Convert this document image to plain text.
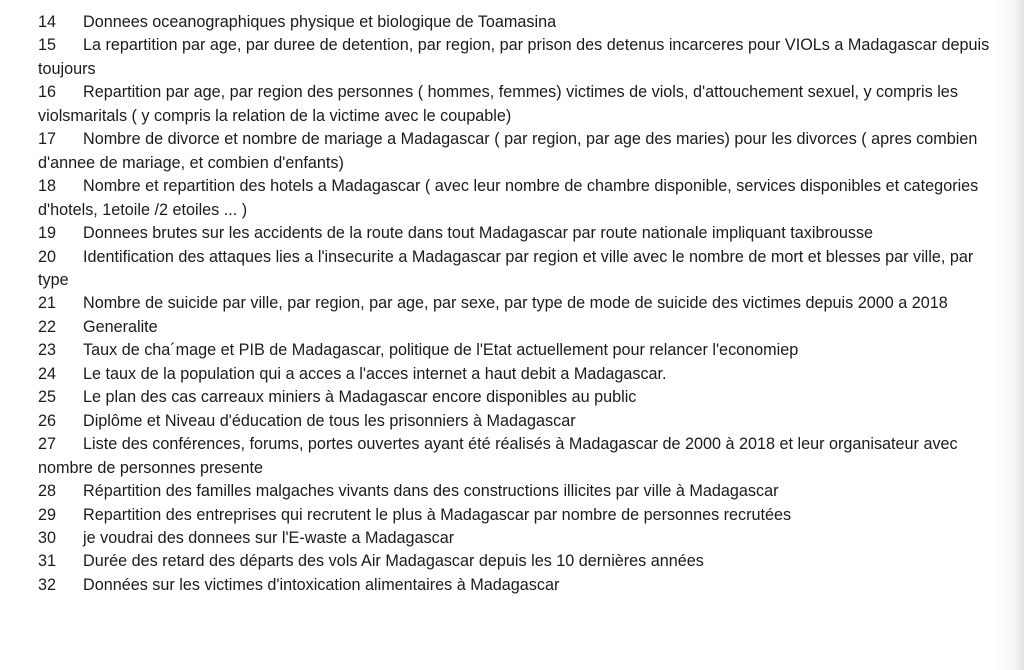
14 Donnees oceanographiques physique et biologique de Toamasina

15 La repartition par age, par duree de detention, par region, par prison des detenus incarceres pour VIOLs a Madagascar depuis toujours

16 Repartition par age, par region des personnes ( hommes, femmes) victimes de viols, d'attouchement sexuel, y compris les violsmaritals ( y compris la relation de la victime avec le coupable)

17 Nombre de divorce et nombre de mariage a Madagascar ( par region, par age des maries) pour les divorces ( apres combien d'annee de mariage, et combien d'enfants)

18 Nombre et repartition des hotels a Madagascar ( avec leur nombre de chambre disponible, services disponibles et categories d'hotels, 1etoile /2 etoiles ... )

19 Donnees brutes sur les accidents de la route dans tout Madagascar par route nationale impliquant taxibrousse

20 Identification des attaques lies a l'insecurite a Madagascar par region et ville avec le nombre de mort et blesses par ville, par type

21 Nombre de suicide par ville, par region, par age, par sexe, par type de mode de suicide des victimes depuis 2000 a 2018

22 Generalite

23 Taux de cha´mage et PIB de Madagascar, politique de l'Etat actuellement pour relancer l'economiep

24 Le taux de la population qui a acces a l'acces internet a haut debit a Madagascar.

25 Le plan des cas carreaux miniers à Madagascar encore disponibles au public

26 Diplôme et Niveau d'éducation de tous les prisonniers à Madagascar

27 Liste des conférences, forums, portes ouvertes ayant été réalisés à Madagascar de 2000 à 2018 et leur organisateur avec nombre de personnes presente

28 Répartition des familles malgaches vivants dans des constructions illicites par ville à Madagascar

29 Repartition des entreprises qui recrutent le plus à Madagascar par nombre de personnes recrutées

30 je voudrai des donnees sur l'E-waste a Madagascar

31 Durée des retard des départs des vols Air Madagascar depuis les 10 dernières années

32 Données sur les victimes d'intoxication alimentaires à Madagascar
